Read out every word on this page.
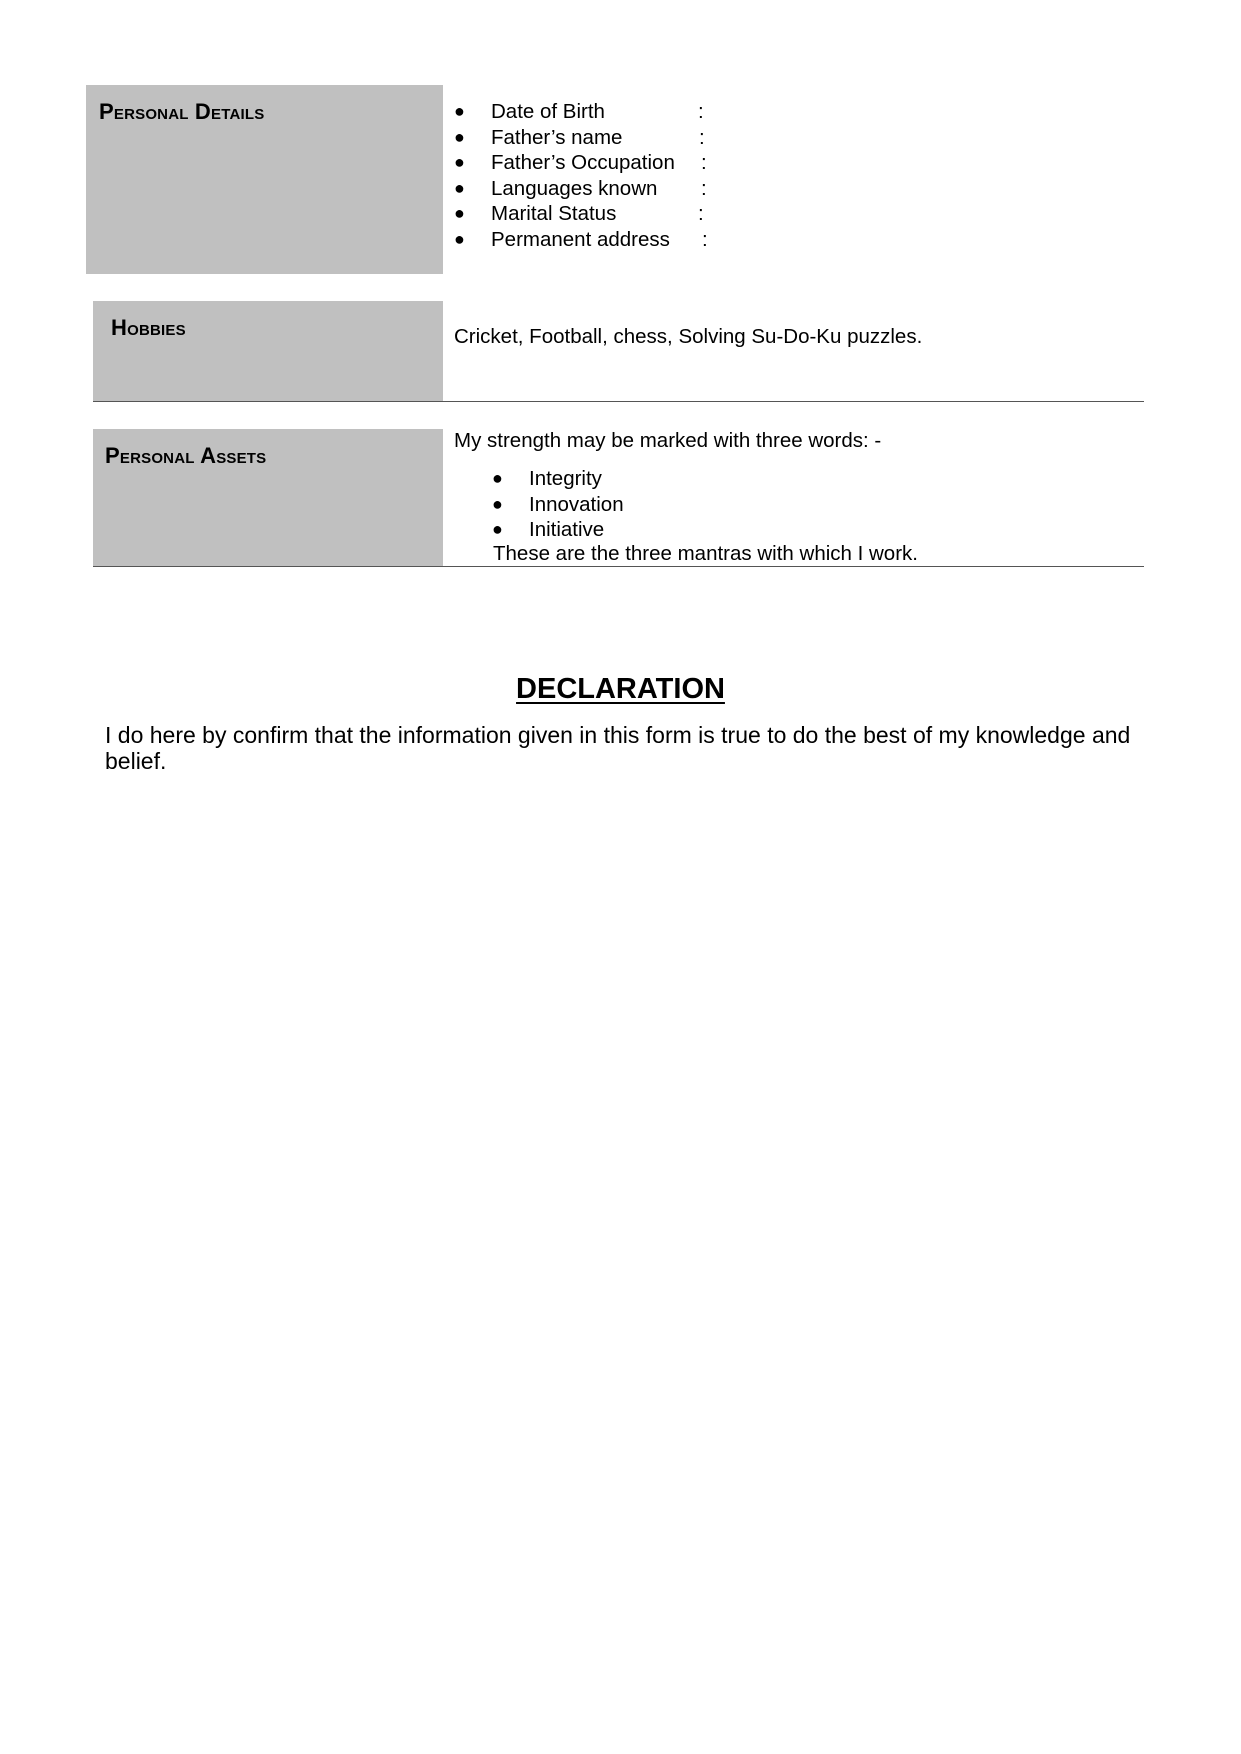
Personal Details	● Date of Birth	:
● Father’s name	:
● Father’s Occupation :
● Languages known :
● Marital Status	:
● Permanent address :
Hobbies	Cricket, Football, chess, Solving Su-Do-Ku puzzles.
Personal Assets
My strength may be marked with three words: -
● Integrity
● Innovation
● Initiative
These are the three mantras with which I work.
DECLARATION
I do here by confirm that the information given in this form is true to do the best of my knowledge and belief.
